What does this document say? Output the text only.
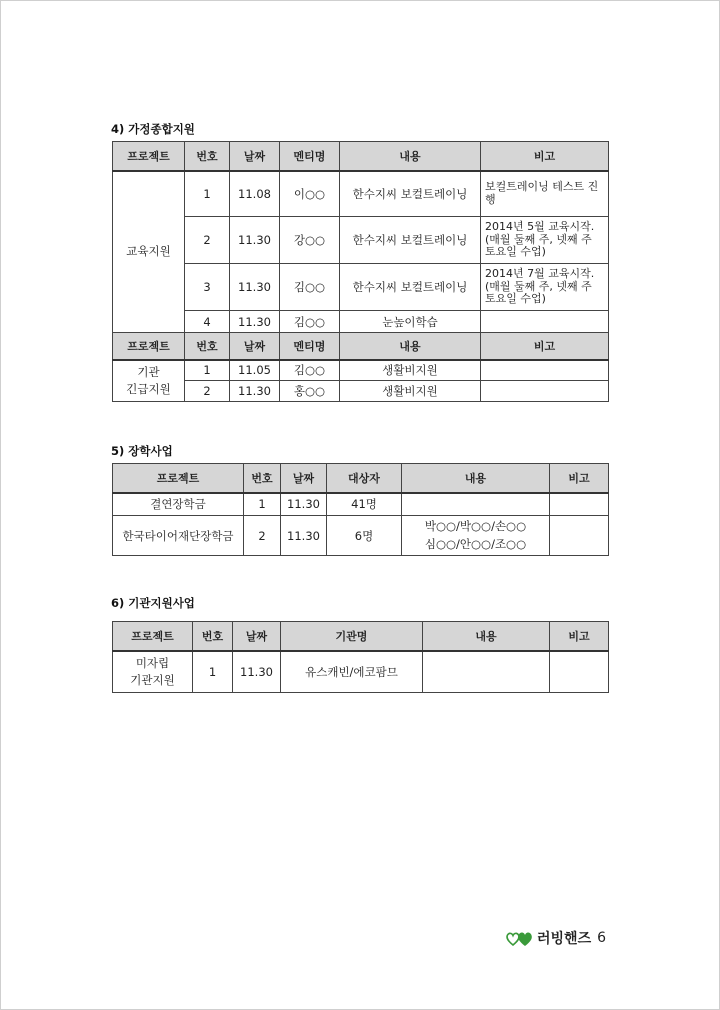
4) 가정종합지원
프로젝트	번호	날짜	멘티명	내용	비고
교육지원	1	11.08	이○○	한수지씨 보컬트레이닝	보컬트레이닝 테스트 진행
	2	11.30	강○○	한수지씨 보컬트레이닝	2014년 5월 교육시작. (매월 둘째 주, 넷째 주 토요일 수업)
	3	11.30	김○○	한수지씨 보컬트레이닝	2014년 7월 교육시작. (매월 둘째 주, 넷째 주 토요일 수업)
	4	11.30	김○○	눈높이학습	
프로젝트	번호	날짜	멘티명	내용	비고

기관
긴급지원	1	11.05	김○○	생활비지원	
	2	11.30	홍○○	생활비지원	
5) 장학사업
프로젝트	번호	날짜	대상자	내용	비고
결연장학금	1	11.30	41명	

한국타이어재단장학금	2	11.30	6명	박○○/박○○/손○○
심○○/안○○/조○○	

6) 기관지원사업
프로젝트	번호	날짜	기관명	내용	비고

미자립
기관지원	1	11.30	유스캐빈/에코팜므		
러빙핸즈 6
